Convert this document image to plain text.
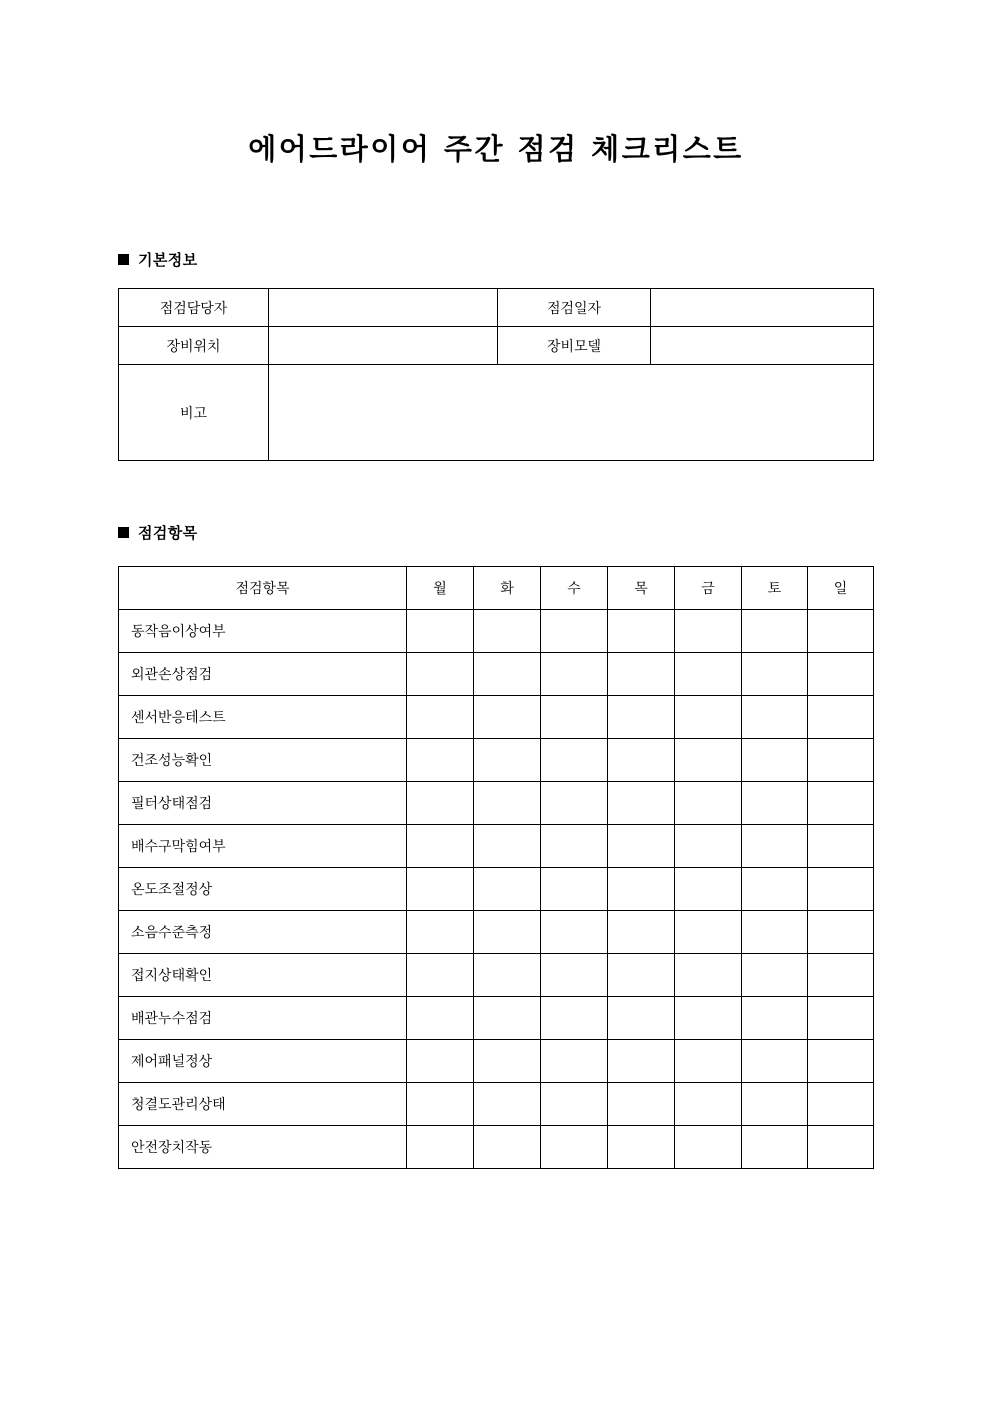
에어드라이어 주간 점검 체크리스트
기본정보
점검담당자		점검일자	
장비위치		장비모델	
비고			
점검항목
점검항목	월	화	수	목	금	토	일
동작음이상여부							
외관손상점검							
센서반응테스트							
건조성능확인							
필터상태점검							
배수구막힘여부							
온도조절정상							
소음수준측정							
접지상태확인							
배관누수점검							
제어패널정상							
청결도관리상태							
안전장치작동							
